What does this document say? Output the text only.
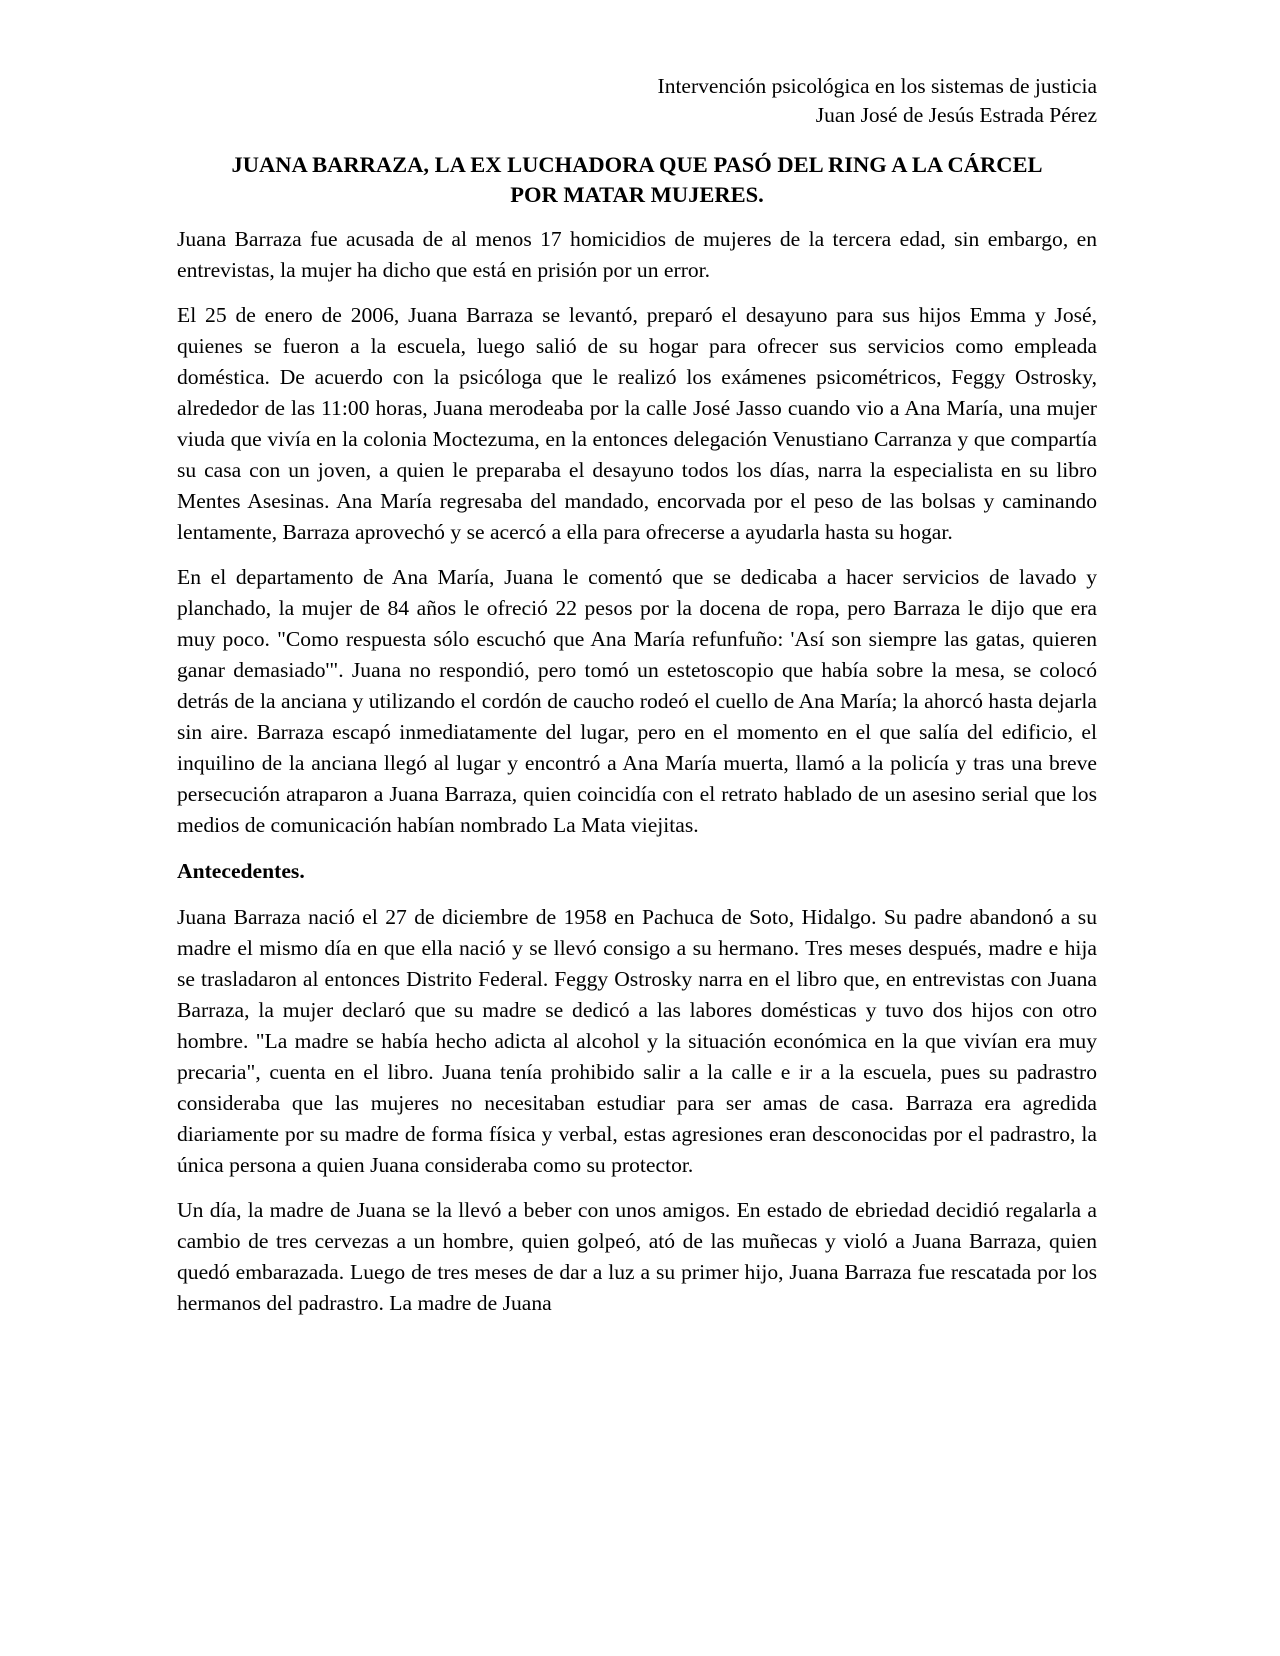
Intervención psicológica en los sistemas de justicia
Juan José de Jesús Estrada Pérez
JUANA BARRAZA, LA EX LUCHADORA QUE PASÓ DEL RING A LA CÁRCEL
POR MATAR MUJERES.

Juana Barraza fue acusada de al menos 17 homicidios de mujeres de la tercera edad, sin embargo, en entrevistas, la mujer ha dicho que está en prisión por un error.

El 25 de enero de 2006, Juana Barraza se levantó, preparó el desayuno para sus hijos Emma y José, quienes se fueron a la escuela, luego salió de su hogar para ofrecer sus servicios como empleada doméstica. De acuerdo con la psicóloga que le realizó los exámenes psicométricos, Feggy Ostrosky, alrededor de las 11:00 horas, Juana merodeaba por la calle José Jasso cuando vio a Ana María, una mujer viuda que vivía en la colonia Moctezuma, en la entonces delegación Venustiano Carranza y que compartía su casa con un joven, a quien le preparaba el desayuno todos los días, narra la especialista en su libro Mentes Asesinas. Ana María regresaba del mandado, encorvada por el peso de las bolsas y caminando lentamente, Barraza aprovechó y se acercó a ella para ofrecerse a ayudarla hasta su hogar.

En el departamento de Ana María, Juana le comentó que se dedicaba a hacer servicios de lavado y planchado, la mujer de 84 años le ofreció 22 pesos por la docena de ropa, pero Barraza le dijo que era muy poco. "Como respuesta sólo escuchó que Ana María refunfuño: 'Así son siempre las gatas, quieren ganar demasiado'". Juana no respondió, pero tomó un estetoscopio que había sobre la mesa, se colocó detrás de la anciana y utilizando el cordón de caucho rodeó el cuello de Ana María; la ahorcó hasta dejarla sin aire. Barraza escapó inmediatamente del lugar, pero en el momento en el que salía del edificio, el inquilino de la anciana llegó al lugar y encontró a Ana María muerta, llamó a la policía y tras una breve persecución atraparon a Juana Barraza, quien coincidía con el retrato hablado de un asesino serial que los medios de comunicación habían nombrado La Mata viejitas.

Antecedentes.

Juana Barraza nació el 27 de diciembre de 1958 en Pachuca de Soto, Hidalgo. Su padre abandonó a su madre el mismo día en que ella nació y se llevó consigo a su hermano. Tres meses después, madre e hija se trasladaron al entonces Distrito Federal. Feggy Ostrosky narra en el libro que, en entrevistas con Juana Barraza, la mujer declaró que su madre se dedicó a las labores domésticas y tuvo dos hijos con otro hombre. "La madre se había hecho adicta al alcohol y la situación económica en la que vivían era muy precaria", cuenta en el libro. Juana tenía prohibido salir a la calle e ir a la escuela, pues su padrastro consideraba que las mujeres no necesitaban estudiar para ser amas de casa. Barraza era agredida diariamente por su madre de forma física y verbal, estas agresiones eran desconocidas por el padrastro, la única persona a quien Juana consideraba como su protector.

Un día, la madre de Juana se la llevó a beber con unos amigos. En estado de ebriedad decidió regalarla a cambio de tres cervezas a un hombre, quien golpeó, ató de las muñecas y violó a Juana Barraza, quien quedó embarazada. Luego de tres meses de dar a luz a su primer hijo, Juana Barraza fue rescatada por los hermanos del padrastro. La madre de Juana
